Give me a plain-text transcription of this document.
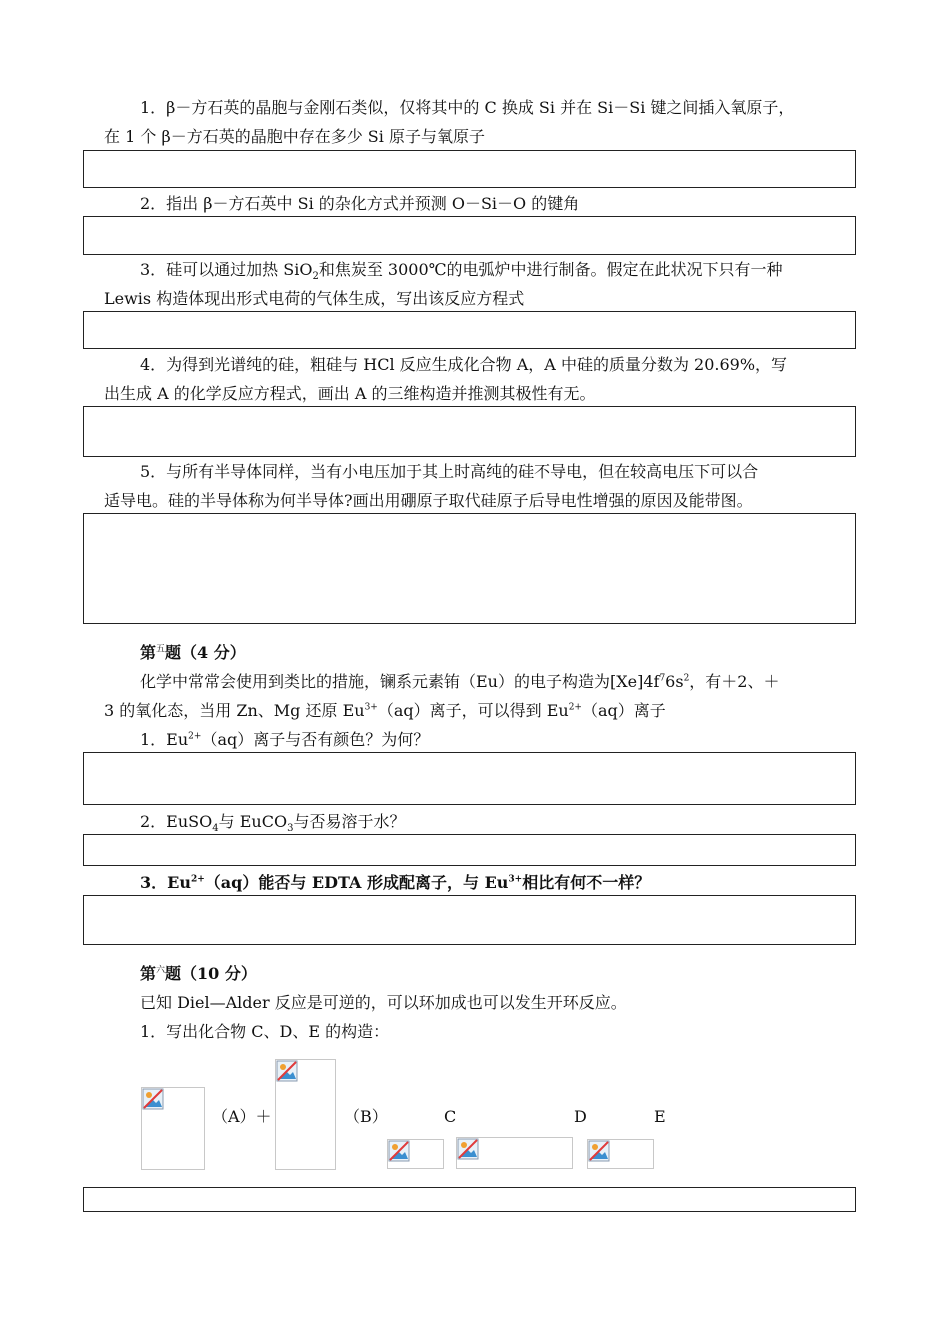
1．β－方石英的晶胞与金刚石类似，仅将其中的 C 换成 Si 并在 Si－Si 键之间插入氧原子，
在 1 个 β－方石英的晶胞中存在多少 Si 原子与氧原子
2．指出 β－方石英中 Si 的杂化方式并预测 O－Si－O 的键角
3．硅可以通过加热 SiO$_2$和焦炭至 3000℃的电弧炉中进行制备。假定在此状况下只有一种
Lewis 构造体现出形式电荷的气体生成，写出该反应方程式
4．为得到光谱纯的硅，粗硅与 HCl 反应生成化合物 A，A 中硅的质量分数为 20.69%，写
出生成 A 的化学反应方程式，画出 A 的三维构造并推测其极性有无。
5．与所有半导体同样，当有小电压加于其上时高纯的硅不导电，但在较高电压下可以合
适导电。硅的半导体称为何半导体?画出用硼原子取代硅原子后导电性增强的原因及能带图。
第$^五$题（4 分）
化学中常常会使用到类比的措施，镧系元素铕（Eu）的电子构造为$[Xe]4f^76s^2$，有＋2、＋
3 的氧化态，当用 Zn、Mg 还原 $Eu^{3+}(aq)$离子，可以得到 $Eu^{2+}(aq)$离子
1．$Eu^{2+}(aq)$离子与否有颜色？为何？
2．EuSO$_4$与 EuCO$_3$与否易溶于水？
3．$Eu^{2+}(aq)$能否与 EDTA 形成配离子，与 $Eu^{3+}$相比有何不一样？
第$^六$题（10 分）
已知 Diel—Alder 反应是可逆的，可以环加成也可以发生开环反应。
1．写出化合物 C、D、E 的构造：
（A）＋	（B）	C	D	E
